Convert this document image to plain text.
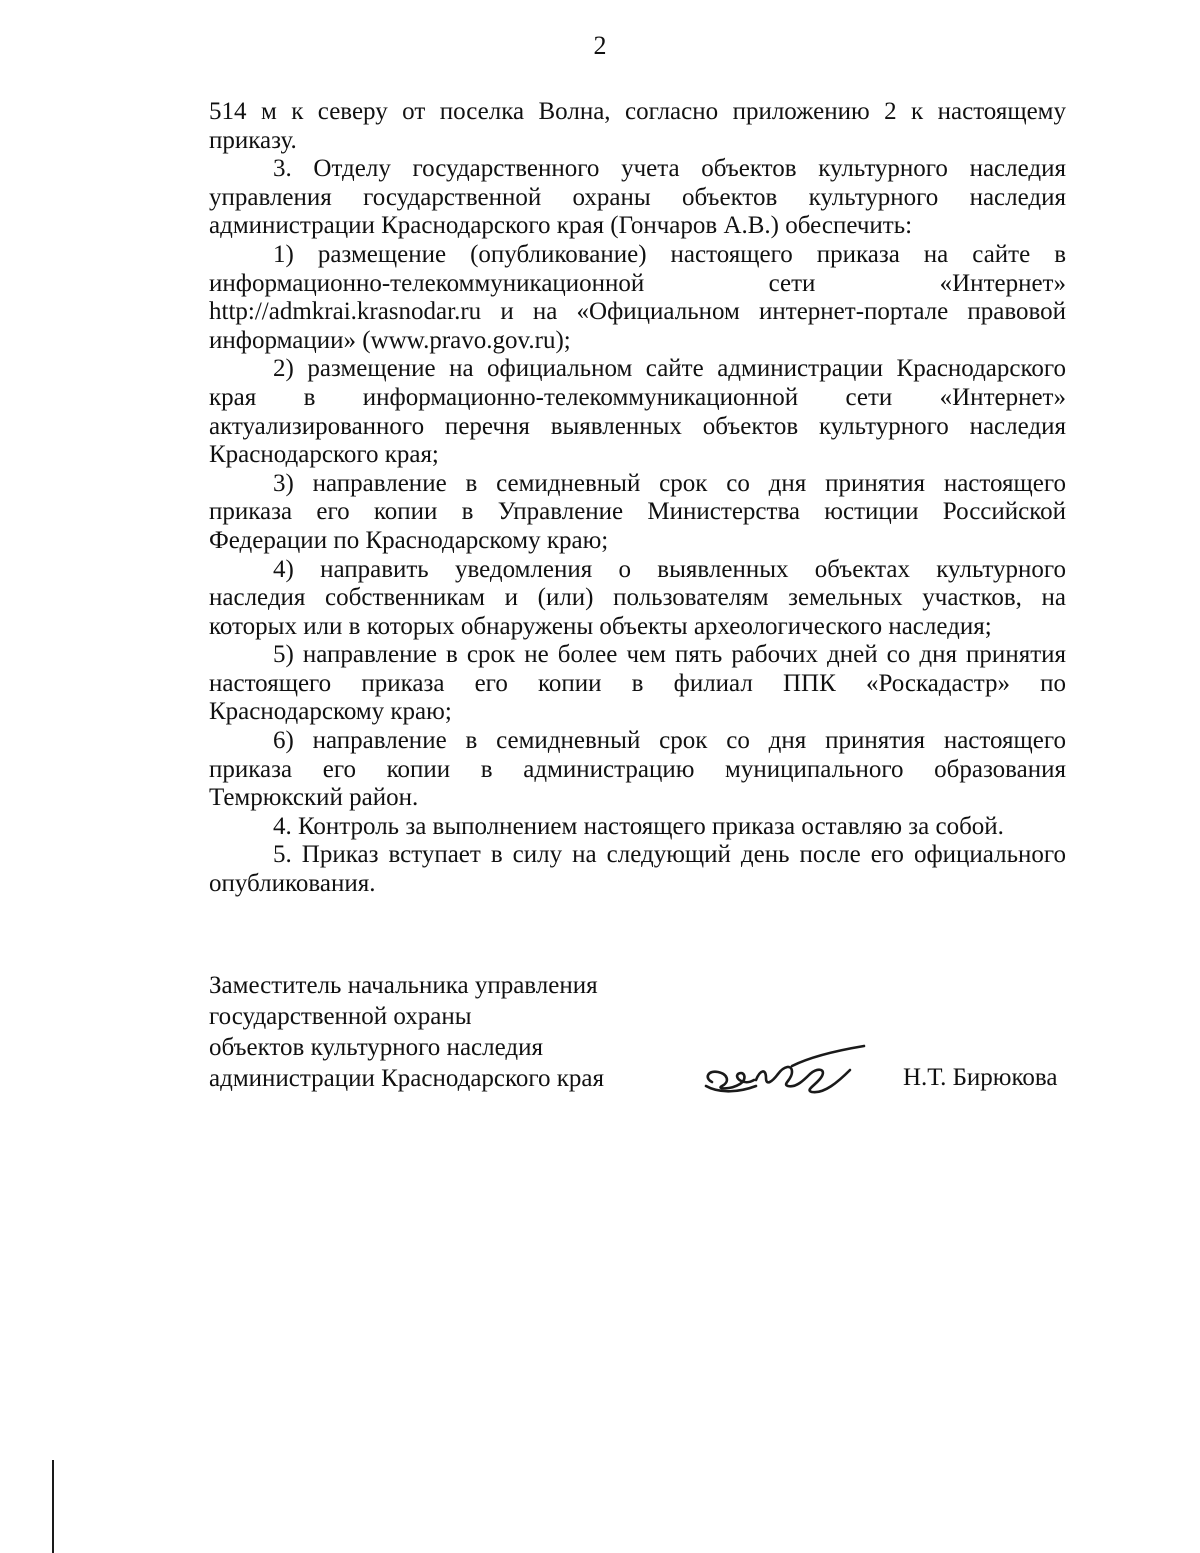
2
514 м к северу от поселка Волна, согласно приложению 2 к настоящему
приказу.
3. Отделу государственного учета объектов культурного наследия
управления государственной охраны объектов культурного наследия
администрации Краснодарского края (Гончаров А.В.) обеспечить:
1) размещение (опубликование) настоящего приказа на сайте в
информационно-телекоммуникационной сети «Интернет»
http://admkrai.krasnodar.ru и на «Официальном интернет-портале правовой
информации» (www.pravo.gov.ru);
2) размещение на официальном сайте администрации Краснодарского
края в информационно-телекоммуникационной сети «Интернет»
актуализированного перечня выявленных объектов культурного наследия
Краснодарского края;
3) направление в семидневный срок со дня принятия настоящего
приказа его копии в Управление Министерства юстиции Российской
Федерации по Краснодарскому краю;
4) направить уведомления о выявленных объектах культурного
наследия собственникам и (или) пользователям земельных участков, на
которых или в которых обнаружены объекты археологического наследия;
5) направление в срок не более чем пять рабочих дней со дня принятия
настоящего приказа его копии в филиал ППК «Роскадастр» по
Краснодарскому краю;
6) направление в семидневный срок со дня принятия настоящего
приказа его копии в администрацию муниципального образования
Темрюкский район.
4. Контроль за выполнением настоящего приказа оставляю за собой.
5. Приказ вступает в силу на следующий день после его официального
опубликования.
Заместитель начальника управления
государственной охраны
объектов культурного наследия
администрации Краснодарского края	Н.Т. Бирюкова
